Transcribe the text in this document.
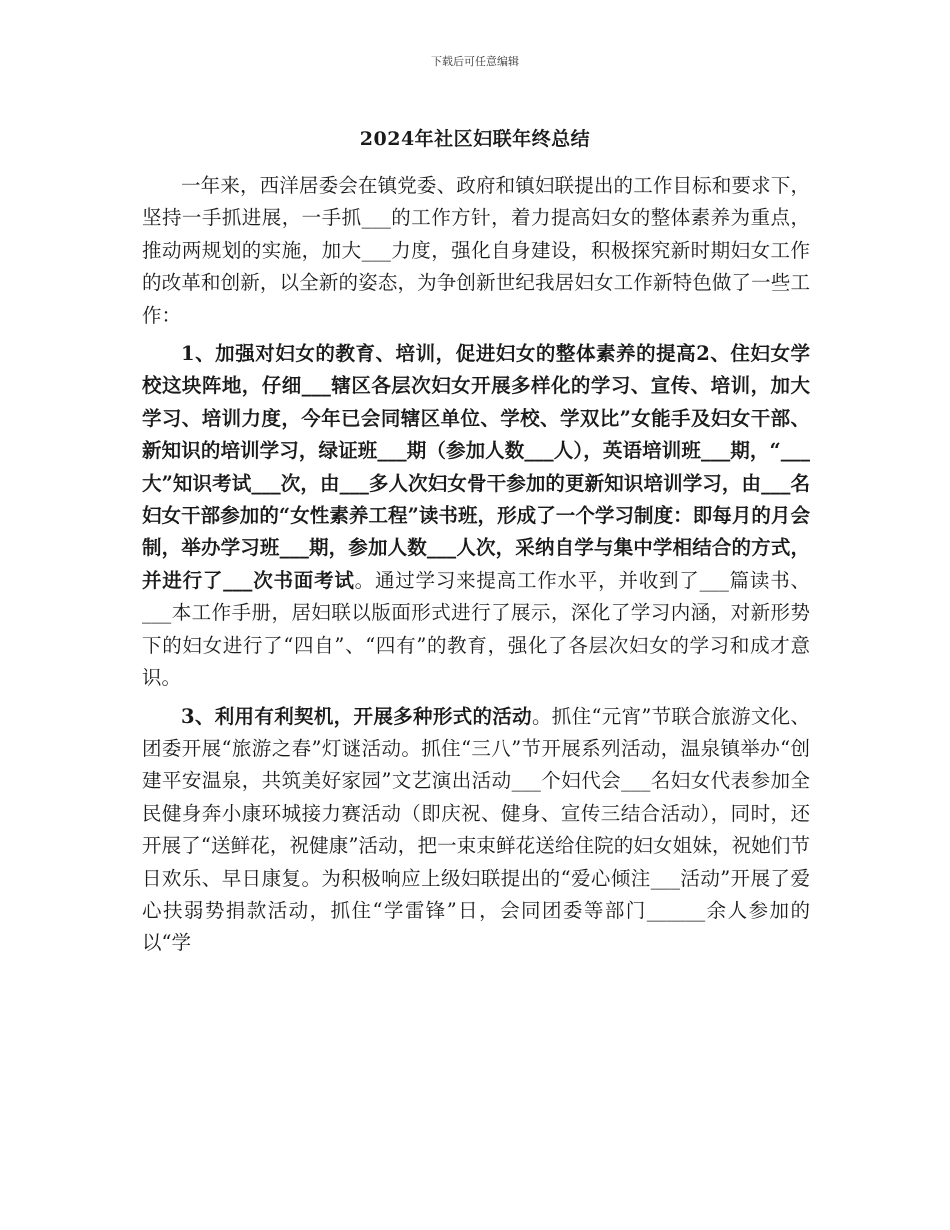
下载后可任意编辑
2024年社区妇联年终总结

一年来，西洋居委会在镇党委、政府和镇妇联提出的工作目标和要求下，坚持一手抓进展，一手抓___的工作方针，着力提高妇女的整体素养为重点，推动两规划的实施，加大___力度，强化自身建设，积极探究新时期妇女工作的改革和创新，以全新的姿态，为争创新世纪我居妇女工作新特色做了一些工作：

1、加强对妇女的教育、培训，促进妇女的整体素养的提高2、住妇女学校这块阵地，仔细___辖区各层次妇女开展多样化的学习、宣传、培训，加大学习、培训力度，今年已会同辖区单位、学校、学双比”女能手及妇女干部、新知识的培训学习，绿证班___期（参加人数___人），英语培训班___期，“___大”知识考试___次，由___多人次妇女骨干参加的更新知识培训学习，由___名妇女干部参加的“女性素养工程”读书班，形成了一个学习制度：即每月的月会制，举办学习班___期，参加人数___人次，采纳自学与集中学相结合的方式，并进行了___次书面考试。通过学习来提高工作水平，并收到了___篇读书、___本工作手册，居妇联以版面形式进行了展示，深化了学习内涵，对新形势下的妇女进行了“四自”、“四有”的教育，强化了各层次妇女的学习和成才意识。

3、利用有利契机，开展多种形式的活动。抓住“元宵”节联合旅游文化、团委开展“旅游之春”灯谜活动。抓住“三八”节开展系列活动，温泉镇举办“创建平安温泉，共筑美好家园”文艺演出活动___个妇代会___名妇女代表参加全民健身奔小康环城接力赛活动（即庆祝、健身、宣传三结合活动），同时，还开展了“送鲜花，祝健康”活动，把一束束鲜花送给住院的妇女姐妹，祝她们节日欢乐、早日康复。为积极响应上级妇联提出的“爱心倾注___活动”开展了爱心扶弱势捐款活动，抓住“学雷锋”日，会同团委等部门______余人参加的以“学
